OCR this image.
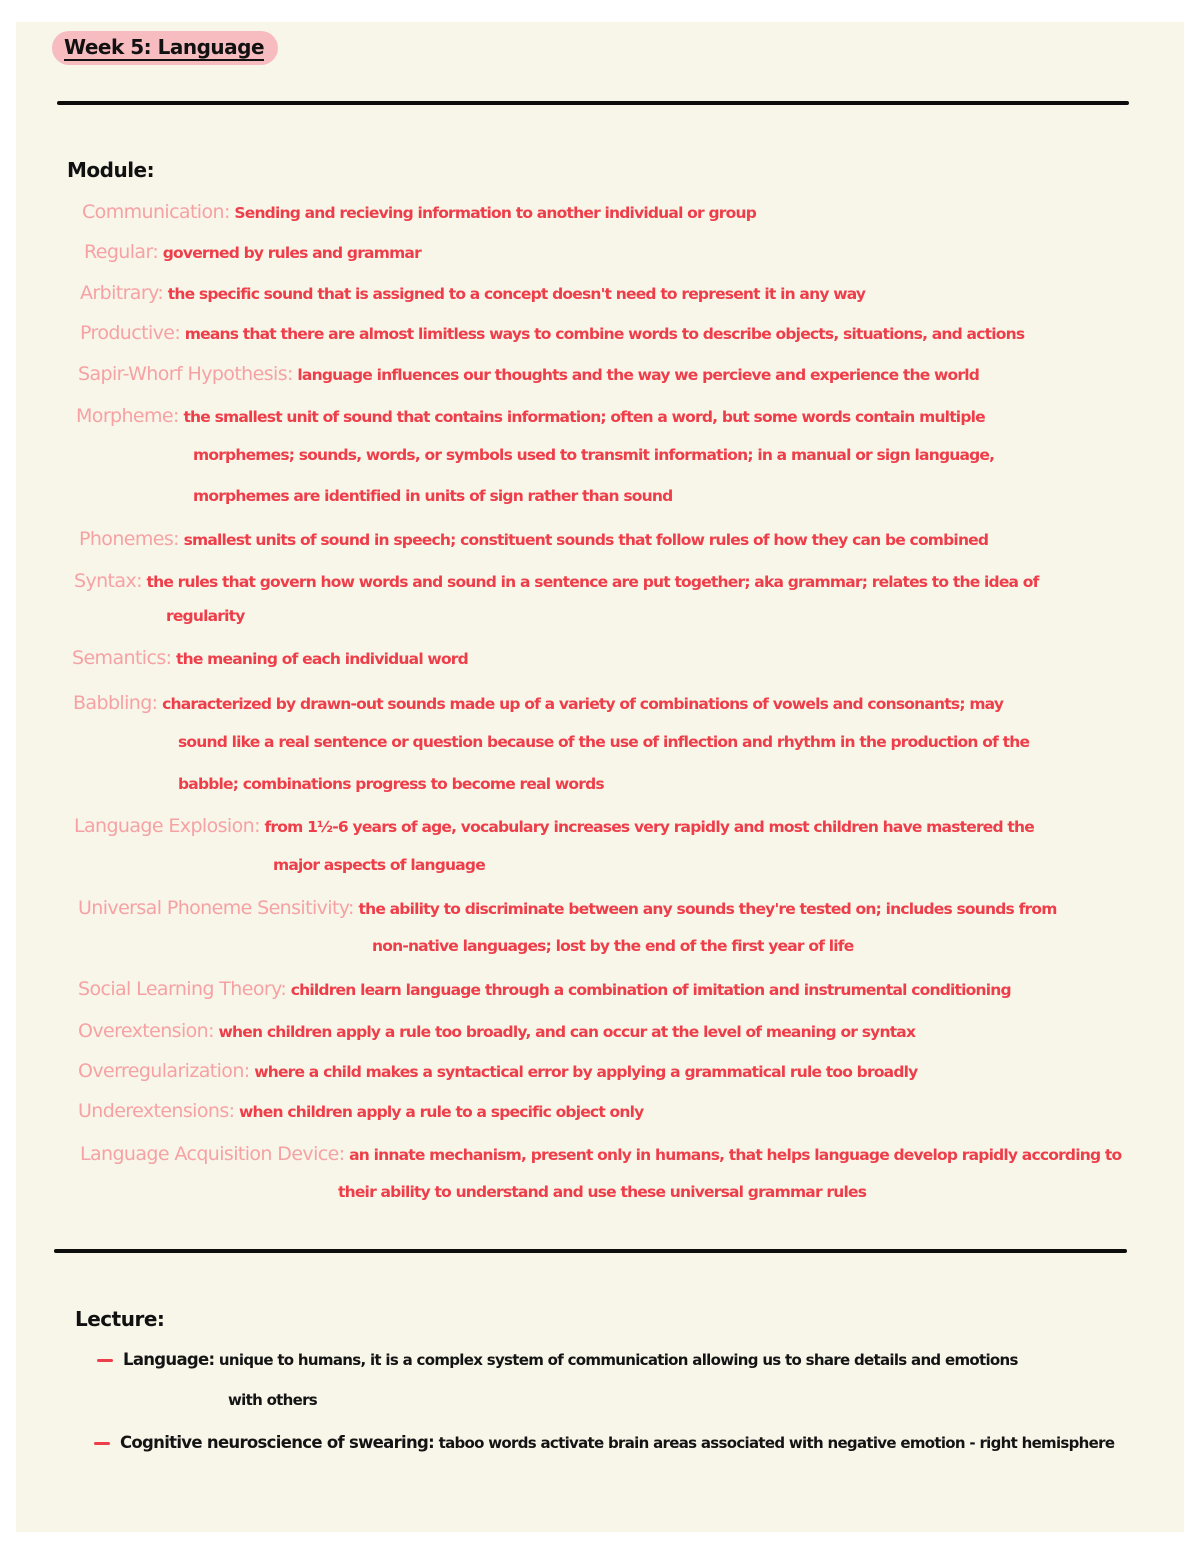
Week 5: Language
Module:
Communication: Sending and recieving information to another individual or group
Regular: governed by rules and grammar
Arbitrary: the specific sound that is assigned to a concept doesn't need to represent it in any way
Productive: means that there are almost limitless ways to combine words to describe objects, situations, and actions
Sapir-Whorf Hypothesis: language influences our thoughts and the way we percieve and experience the world
Morpheme: the smallest unit of sound that contains information; often a word, but some words contain multiple
morphemes; sounds, words, or symbols used to transmit information; in a manual or sign language,
morphemes are identified in units of sign rather than sound
Phonemes: smallest units of sound in speech; constituent sounds that follow rules of how they can be combined
Syntax: the rules that govern how words and sound in a sentence are put together; aka grammar; relates to the idea of
regularity
Semantics: the meaning of each individual word
Babbling: characterized by drawn-out sounds made up of a variety of combinations of vowels and consonants; may
sound like a real sentence or question because of the use of inflection and rhythm in the production of the
babble; combinations progress to become real words
Language Explosion: from 1½-6 years of age, vocabulary increases very rapidly and most children have mastered the
major aspects of language
Universal Phoneme Sensitivity: the ability to discriminate between any sounds they're tested on; includes sounds from
non-native languages; lost by the end of the first year of life
Social Learning Theory: children learn language through a combination of imitation and instrumental conditioning
Overextension: when children apply a rule too broadly, and can occur at the level of meaning or syntax
Overregularization: where a child makes a syntactical error by applying a grammatical rule too broadly
Underextensions: when children apply a rule to a specific object only
Language Acquisition Device: an innate mechanism, present only in humans, that helps language develop rapidly according to
their ability to understand and use these universal grammar rules
Lecture:
Language: unique to humans, it is a complex system of communication allowing us to share details and emotions
with others
Cognitive neuroscience of swearing: taboo words activate brain areas associated with negative emotion - right hemisphere
